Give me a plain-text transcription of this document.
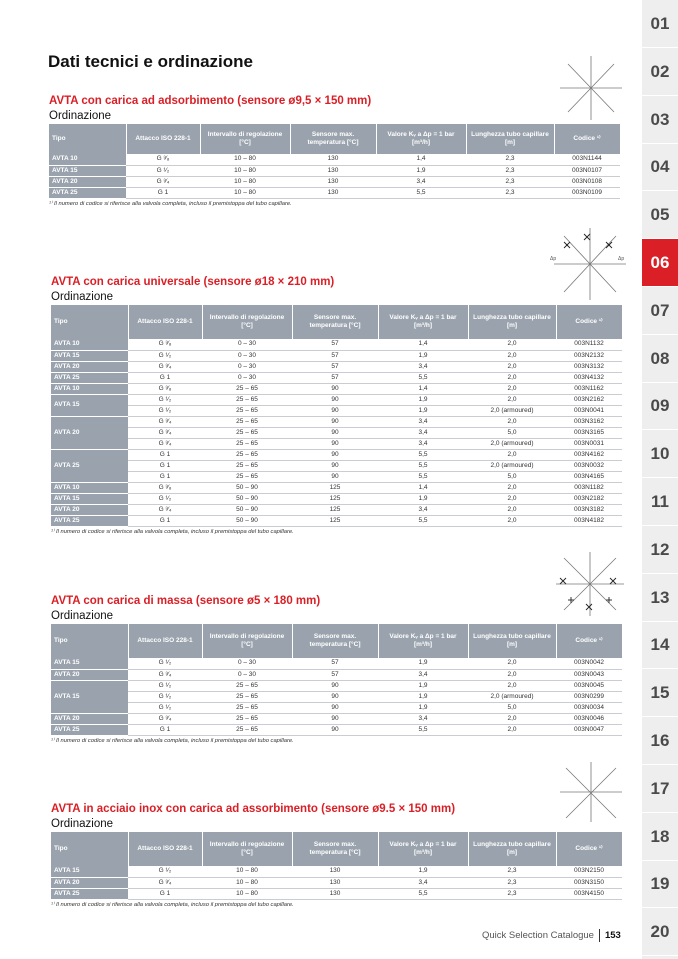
01
02
03
04
05
06
07
08
09
10
11
12
13
14
15
16
17
18
19
20
Dati tecnici e ordinazione
Δp	Δp
AVTA con carica ad adsorbimento (sensore ø9,5 × 150 mm)
Ordinazione
Tipo	Attacco ISO 228-1	Intervallo di regolazione [°C]	Sensore max. temperatura [°C]	Valore Kᵥ a Δp = 1 bar [m³/h]	Lunghezza tubo capillare [m]	Codice ¹⁾
AVTA 10	G ³⁄₈	10 – 80	130	1,4	2,3	003N1144
AVTA 15	G ¹⁄₂	10 – 80	130	1,9	2,3	003N0107
AVTA 20	G ³⁄₄	10 – 80	130	3,4	2,3	003N0108
AVTA 25	G 1	10 – 80	130	5,5	2,3	003N0109
¹⁾ Il numero di codice si riferisce alla valvola completa, incluso il premistoppa del tubo capillare.
AVTA con carica universale (sensore ø18 × 210 mm)
Ordinazione
Tipo	Attacco ISO 228-1	Intervallo di regolazione [°C]	Sensore max. temperatura [°C]	Valore Kᵥ a Δp = 1 bar [m³/h]	Lunghezza tubo capillare [m]	Codice ¹⁾
AVTA 10	G ³⁄₈	0 – 30	57	1,4	2,0	003N1132
AVTA 15	G ¹⁄₂	0 – 30	57	1,9	2,0	003N2132
AVTA 20	G ³⁄₄	0 – 30	57	3,4	2,0	003N3132
AVTA 25	G 1	0 – 30	57	5,5	2,0	003N4132
AVTA 10	G ³⁄₈	25 – 65	90	1,4	2,0	003N1162
AVTA 15	G ¹⁄₂	25 – 65	90	1,9	2,0	003N2162
	G ¹⁄₂	25 – 65	90	1,9	2,0 (armoured)	003N0041
AVTA 20	G ³⁄₄	25 – 65	90	3,4	2,0	003N3162
	G ³⁄₄	25 – 65	90	3,4	5,0	003N3165
	G ³⁄₄	25 – 65	90	3,4	2,0 (armoured)	003N0031
AVTA 25	G 1	25 – 65	90	5,5	2,0	003N4162
	G 1	25 – 65	90	5,5	2,0 (armoured)	003N0032
	G 1	25 – 65	90	5,5	5,0	003N4165
AVTA 10	G ³⁄₈	50 – 90	125	1,4	2,0	003N1182
AVTA 15	G ¹⁄₂	50 – 90	125	1,9	2,0	003N2182
AVTA 20	G ³⁄₄	50 – 90	125	3,4	2,0	003N3182
AVTA 25	G 1	50 – 90	125	5,5	2,0	003N4182
¹⁾ Il numero di codice si riferisce alla valvola completa, incluso il premistoppa del tubo capillare.
AVTA con carica di massa (sensore ø5 × 180 mm)
Ordinazione
Tipo	Attacco ISO 228-1	Intervallo di regolazione [°C]	Sensore max. temperatura [°C]	Valore Kᵥ a Δp = 1 bar [m³/h]	Lunghezza tubo capillare [m]	Codice ¹⁾
AVTA 15	G ¹⁄₂	0 – 30	57	1,9	2,0	003N0042
AVTA 20	G ³⁄₄	0 – 30	57	3,4	2,0	003N0043
AVTA 15	G ¹⁄₂	25 – 65	90	1,9	2,0	003N0045
	G ¹⁄₂	25 – 65	90	1,9	2,0 (armoured)	003N0299
	G ¹⁄₂	25 – 65	90	1,9	5,0	003N0034
AVTA 20	G ³⁄₄	25 – 65	90	3,4	2,0	003N0046
AVTA 25	G 1	25 – 65	90	5,5	2,0	003N0047
¹⁾ Il numero di codice si riferisce alla valvola completa, incluso il premistoppa del tubo capillare.
AVTA in acciaio inox con carica ad assorbimento (sensore ø9.5 × 150 mm)
Ordinazione
Tipo	Attacco ISO 228-1	Intervallo di regolazione [°C]	Sensore max. temperatura [°C]	Valore Kᵥ a Δp = 1 bar [m³/h]	Lunghezza tubo capillare [m]	Codice ¹⁾
AVTA 15	G ¹⁄₂	10 – 80	130	1,9	2,3	003N2150
AVTA 20	G ³⁄₄	10 – 80	130	3,4	2,3	003N3150
AVTA 25	G 1	10 – 80	130	5,5	2,3	003N4150
¹⁾ Il numero di codice si riferisce alla valvola completa, incluso il premistoppa del tubo capillare.
Quick Selection Catalogue 153
